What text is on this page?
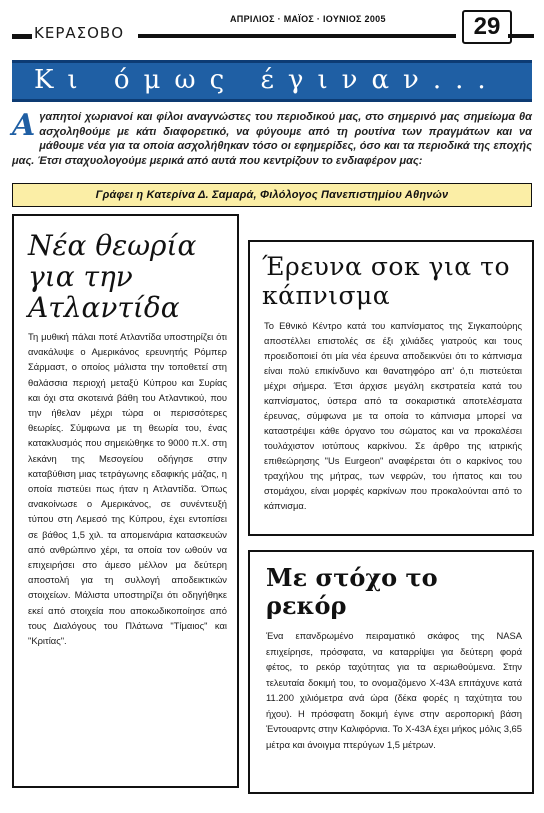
ΚΕΡΑΣΟΒΟ
ΑΠΡΙΛΙΟΣ · ΜΑΪΟΣ · ΙΟΥΝΙΟΣ 2005	29
Κι όμως έγιναν...
Αγαπητοί χωριανοί και φίλοι αναγνώστες του περιοδικού μας, στο σημερινό μας σημείωμα θα ασχοληθούμε με κάτι διαφορετικό, να φύγουμε από τη ρουτίνα των πραγμάτων και να μάθουμε νέα για τα οποία ασχολήθηκαν τόσο οι εφημερίδες, όσο και τα περιοδικά της εποχής μας. Έτσι σταχυολογούμε μερικά από αυτά που κεντρίζουν το ενδιαφέρον μας:
Γράφει η Κατερίνα Δ. Σαμαρά, Φιλόλογος Πανεπιστημίου Αθηνών
Νέα θεωρία για την Ατλαντίδα
Τη μυθική πάλαι ποτέ Ατλαντίδα υποστηρίζει ότι ανακάλυψε ο Αμερικάνος ερευνητής Ρόμπερ Σάρμαστ, ο οποίος μάλιστα την τοποθετεί στη θαλάσσια περιοχή μεταξύ Κύπρου και Συρίας και όχι στα σκοτεινά βάθη του Ατλαντικού, που την ήθελαν μέχρι τώρα οι περισσότερες θεωρίες. Σύμφωνα με τη θεωρία του, ένας κατακλυσμός που σημειώθηκε το 9000 π.Χ. στη λεκάνη της Μεσογείου οδήγησε στην καταβύθιση μιας τετράγωνης εδαφικής μάζας, η οποία πιστεύει πως ήταν η Ατλαντίδα. Όπως ανακοίνωσε ο Αμερικάνος, σε συνέντευξή τύπου στη Λεμεσό της Κύπρου, έχει εντοπίσει σε βάθος 1,5 χιλ. τα απομεινάρια κατασκευών από ανθρώπινο χέρι, τα οποία τον ωθούν να επιχειρήσει στο άμεσο μέλλον μα δεύτερη αποστολή για τη συλλογή αποδεικτικών στοιχείων. Μάλιστα υποστηρίζει ότι οδηγήθηκε εκεί από στοιχεία που αποκωδικοποίησε από τους Διαλόγους του Πλάτωνα "Τίμαιος" και "Κριτίας".
Έρευνα σοκ για το κάπνισμα
Το Εθνικό Κέντρο κατά του καπνίσματος της Σιγκαπούρης αποστέλλει επιστολές σε έξι χιλιάδες γιατρούς και τους προειδοποιεί ότι μία νέα έρευνα αποδεικνύει ότι το κάπνισμα είναι πολύ επικίνδυνο και θανατηφόρο απ' ό,τι πιστεύεται μέχρι σήμερα. Έτσι άρχισε μεγάλη εκστρατεία κατά του καπνίσματος, ύστερα από τα σοκαριστικά αποτελέσματα έρευνας, σύμφωνα με τα οποία το κάπνισμα μπορεί να καταστρέψει κάθε όργανο του σώματος και να προκαλέσει τουλάχιστον ιοτύπους καρκίνου. Σε άρθρο της ιατρικής επιθεώρησης "Us Eurgeon" αναφέρεται ότι ο καρκίνος του τραχήλου της μήτρας, των νεφρών, του ήπατος και του στομάχου, είναι μορφές καρκίνων που προκαλούνται από το κάπνισμα.
Με στόχο το ρεκόρ
Ένα επανδρωμένο πειραματικό σκάφος της NASA επιχείρησε, πρόσφατα, να καταρρίψει για δεύτερη φορά φέτος, το ρεκόρ ταχύτητας για τα αεριωθούμενα. Στην τελευταία δοκιμή του, το ονομαζόμενο Χ-43Α επιτάχυνε κατά 11.200 χιλιόμετρα ανά ώρα (δέκα φορές η ταχύτητα του ήχου). Η πρόσφατη δοκιμή έγινε στην αεροπορική βάση Έντουαρντς στην Καλιφόρνια. Το Χ-43Α έχει μήκος μόλις 3,65 μέτρα και άνοιγμα πτερύγων 1,5 μέτρων.
